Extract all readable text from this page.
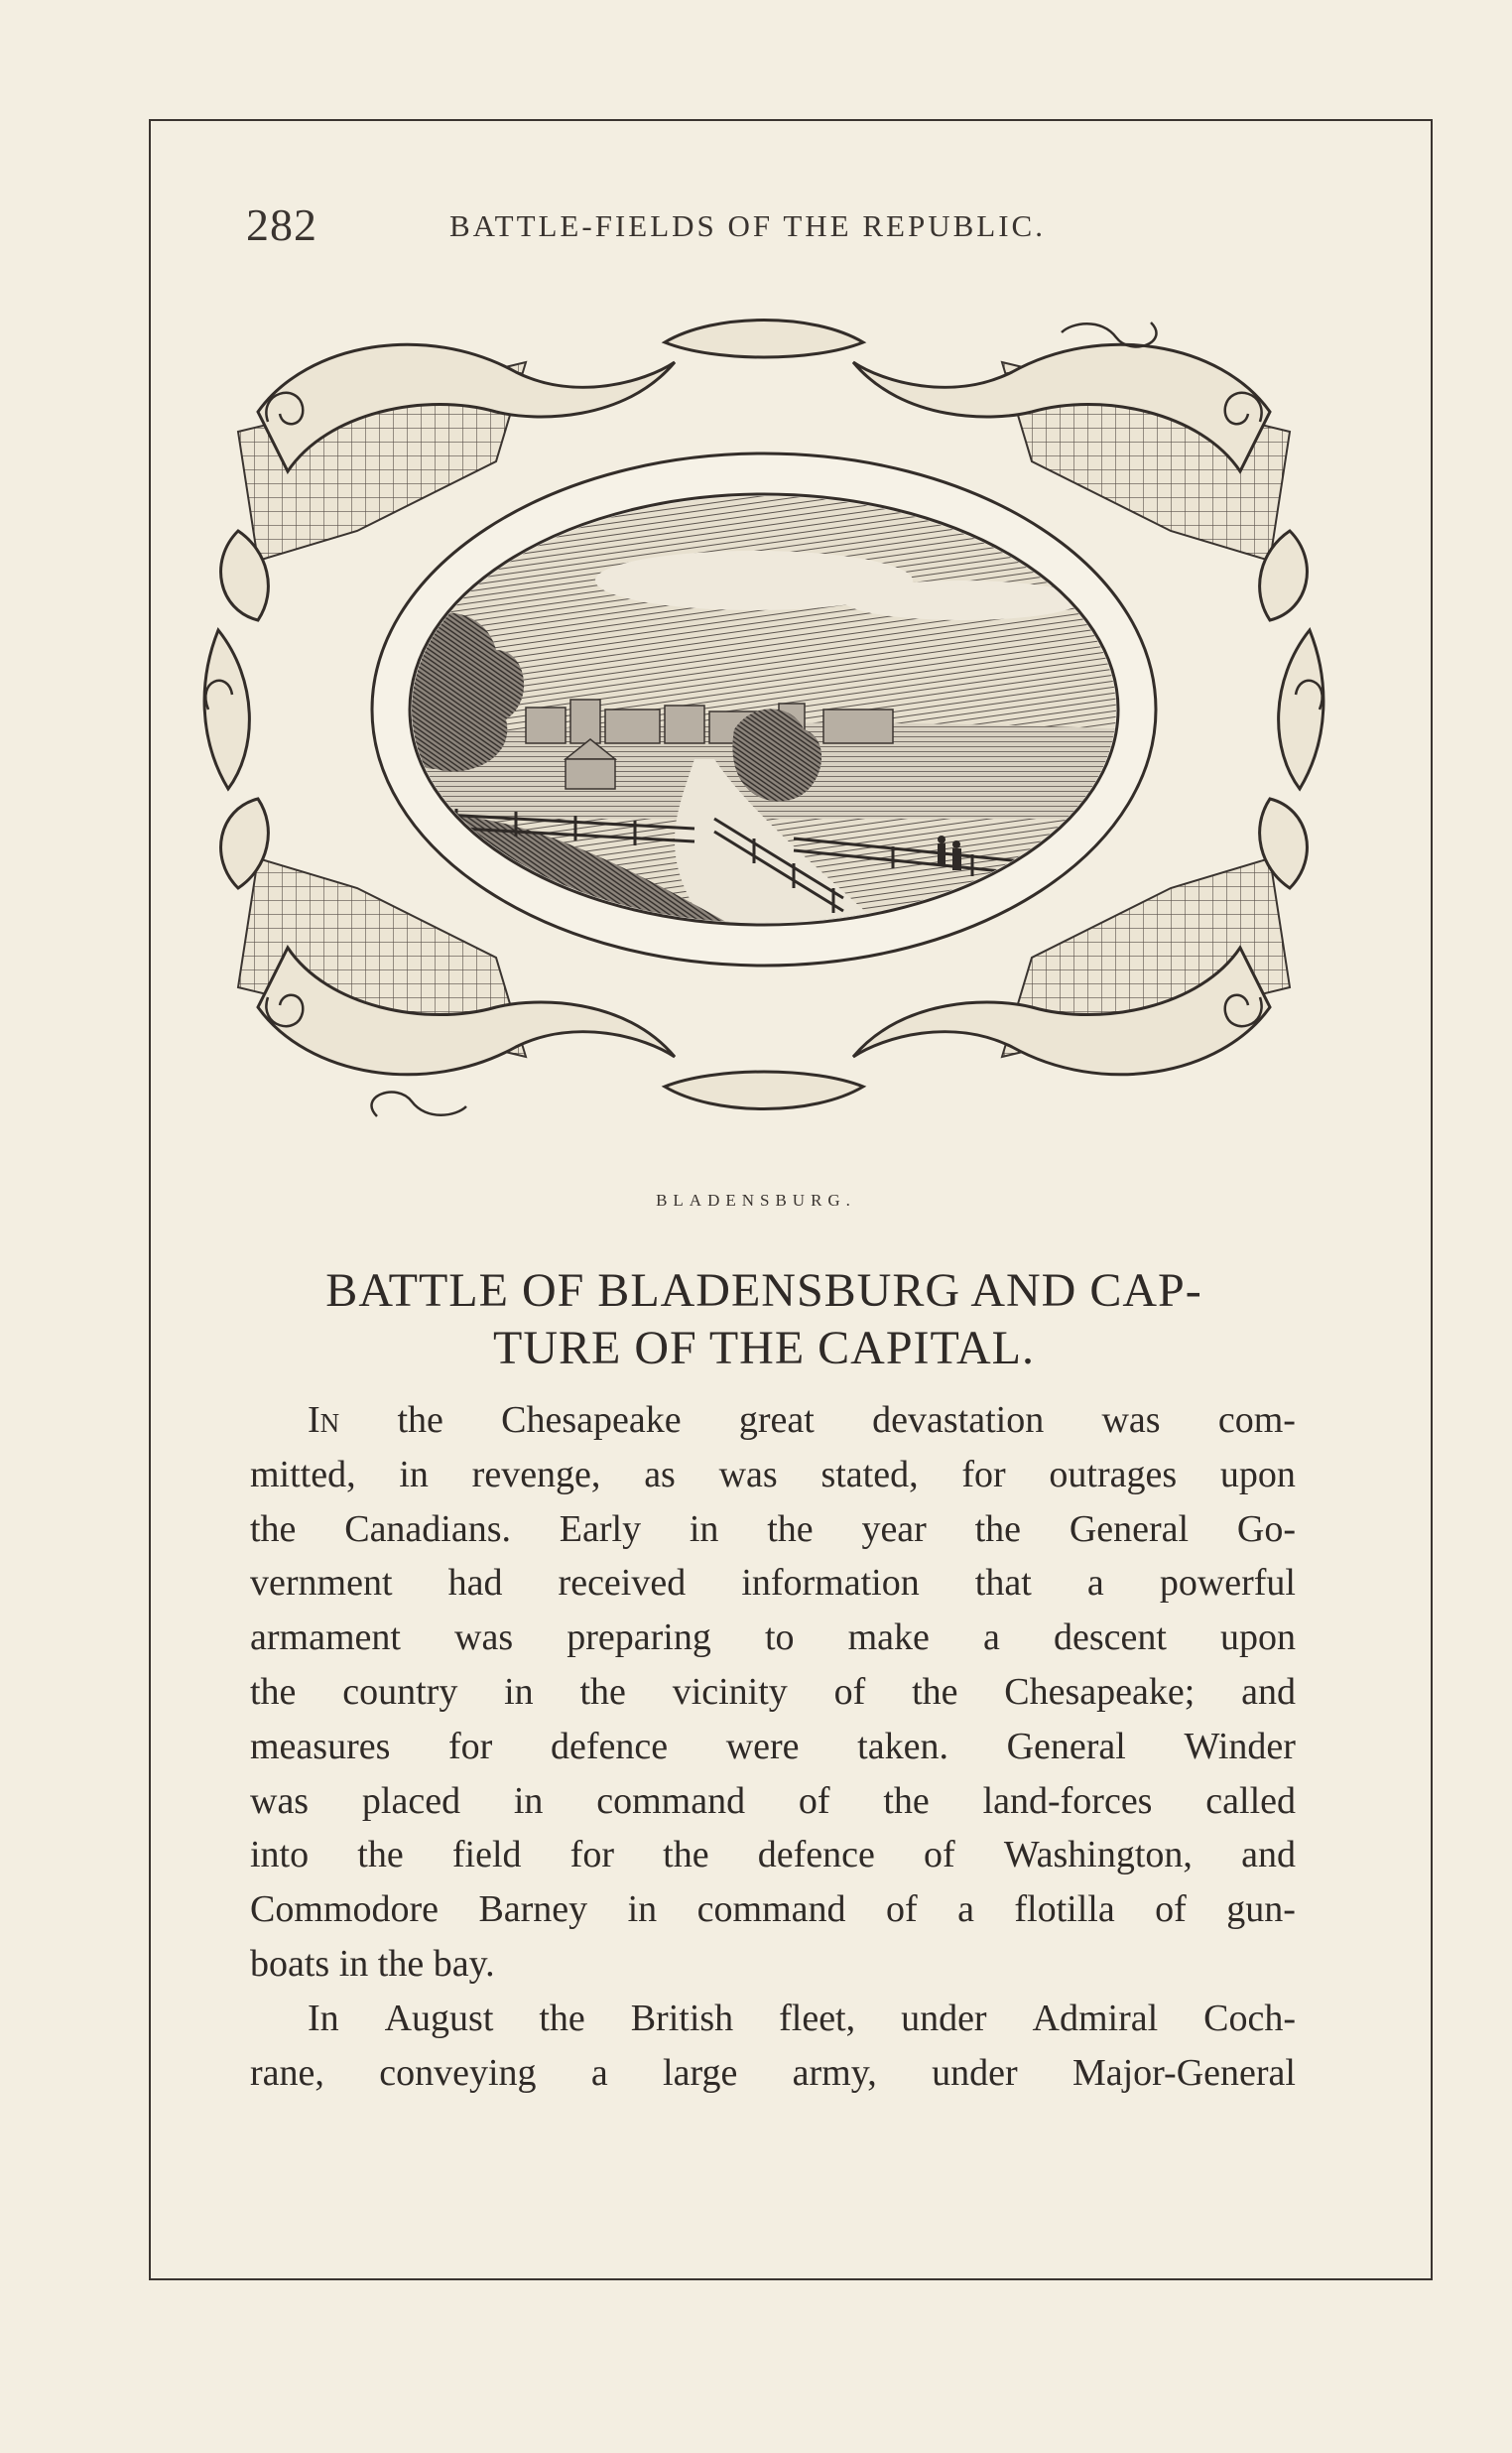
282	BATTLE-FIELDS OF THE REPUBLIC.
BLADENSBURG.
BATTLE OF BLADENSBURG AND CAP-
TURE OF THE CAPITAL.
In the Chesapeake great devastation was com-
mitted, in revenge, as was stated, for outrages upon
the Canadians. Early in the year the General Go-
vernment had received information that a powerful
armament was preparing to make a descent upon
the country in the vicinity of the Chesapeake; and
measures for defence were taken. General Winder
was placed in command of the land-forces called
into the field for the defence of Washington, and
Commodore Barney in command of a flotilla of gun-
boats
in
the
bay.
In August the British fleet, under Admiral Coch-
rane, conveying a large army, under Major-General
